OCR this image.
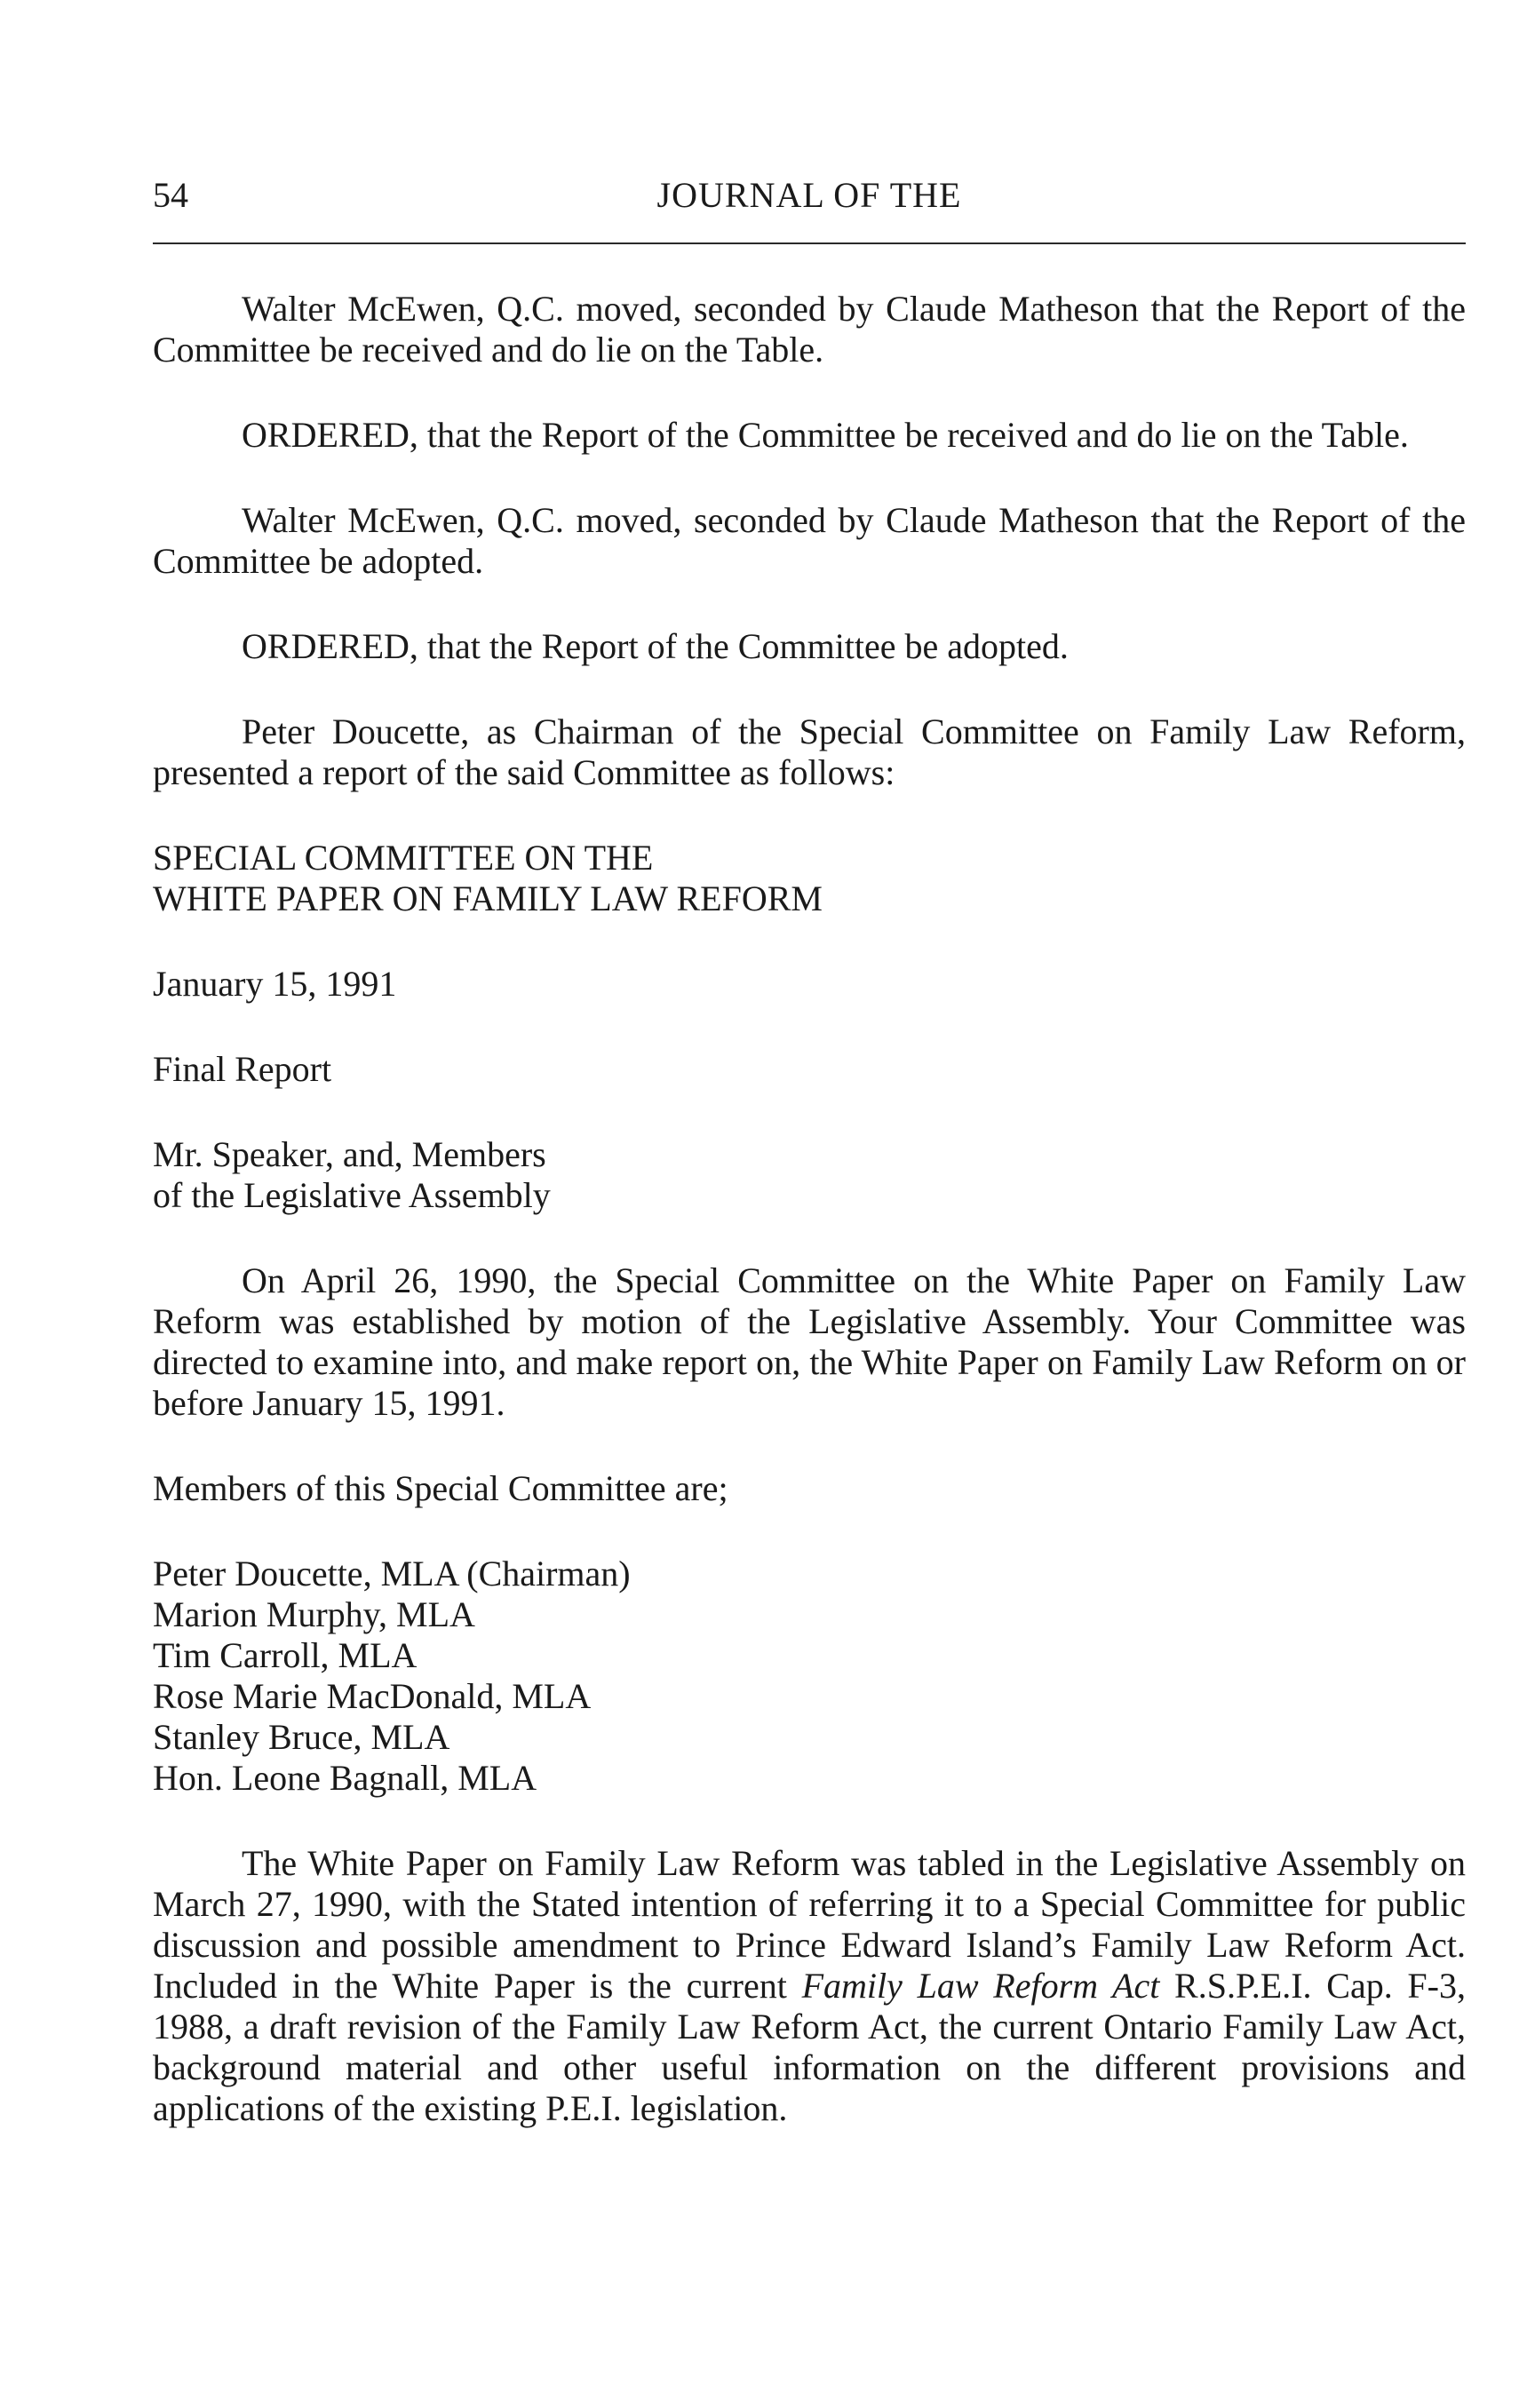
54	JOURNAL OF THE

Walter McEwen, Q.C. moved, seconded by Claude Matheson that the Report of the Committee be received and do lie on the Table.

ORDERED, that the Report of the Committee be received and do lie on the Table.

Walter McEwen, Q.C. moved, seconded by Claude Matheson that the Report of the Committee be adopted.

ORDERED, that the Report of the Committee be adopted.

Peter Doucette, as Chairman of the Special Committee on Family Law Reform, presented a report of the said Committee as follows:

SPECIAL COMMITTEE ON THE
WHITE PAPER ON FAMILY LAW REFORM

January 15, 1991

Final Report

Mr. Speaker, and, Members
of the Legislative Assembly

On April 26, 1990, the Special Committee on the White Paper on Family Law Reform was established by motion of the Legislative Assembly. Your Committee was directed to examine into, and make report on, the White Paper on Family Law Reform on or before January 15, 1991.

Members of this Special Committee are;

Peter Doucette, MLA (Chairman)
Marion Murphy, MLA
Tim Carroll, MLA
Rose Marie MacDonald, MLA
Stanley Bruce, MLA
Hon. Leone Bagnall, MLA

The White Paper on Family Law Reform was tabled in the Legislative Assembly on March 27, 1990, with the Stated intention of referring it to a Special Committee for public discussion and possible amendment to Prince Edward Island’s Family Law Reform Act. Included in the White Paper is the current Family Law Reform Act R.S.P.E.I. Cap. F-3, 1988, a draft revision of the Family Law Reform Act, the current Ontario Family Law Act, background material and other useful information on the different provisions and applications of the existing P.E.I. legislation.
